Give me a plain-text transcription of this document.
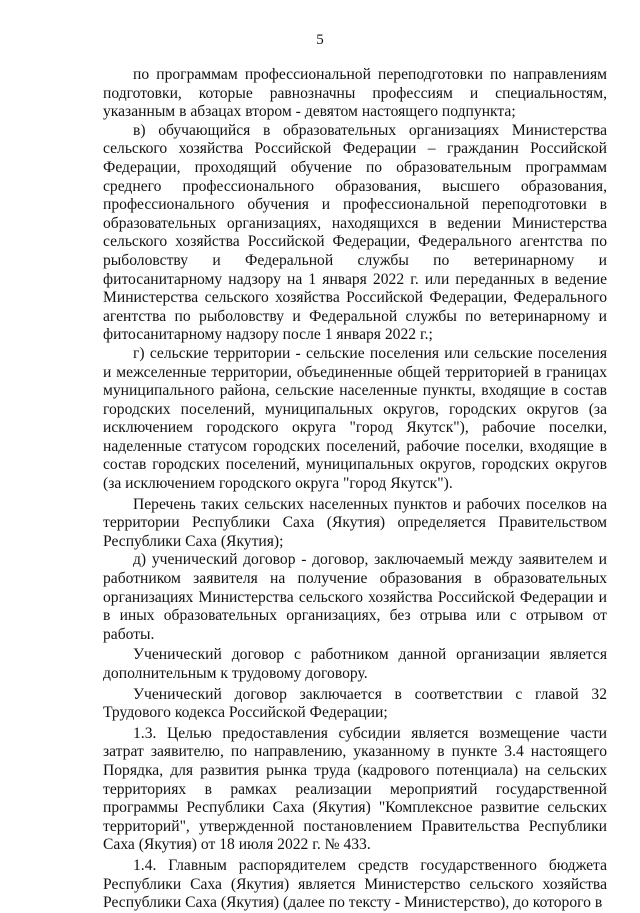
5

по программам профессиональной переподготовки по направлениям подготовки, которые равнозначны профессиям и специальностям, указанным в абзацах втором - девятом настоящего подпункта;

в) обучающийся в образовательных организациях Министерства сельского хозяйства Российской Федерации – гражданин Российской Федерации, проходящий обучение по образовательным программам среднего профессионального образования, высшего образования, профессионального обучения и профессиональной переподготовки в образовательных организациях, находящихся в ведении Министерства сельского хозяйства Российской Федерации, Федерального агентства по рыболовству и Федеральной службы по ветеринарному и фитосанитарному надзору на 1 января 2022 г. или переданных в ведение Министерства сельского хозяйства Российской Федерации, Федерального агентства по рыболовству и Федеральной службы по ветеринарному и фитосанитарному надзору после 1 января 2022 г.;

г) сельские территории - сельские поселения или сельские поселения и межселенные территории, объединенные общей территорией в границах муниципального района, сельские населенные пункты, входящие в состав городских поселений, муниципальных округов, городских округов (за исключением городского округа "город Якутск"), рабочие поселки, наделенные статусом городских поселений, рабочие поселки, входящие в состав городских поселений, муниципальных округов, городских округов (за исключением городского округа "город Якутск").

Перечень таких сельских населенных пунктов и рабочих поселков на территории Республики Саха (Якутия) определяется Правительством Республики Саха (Якутия);

д) ученический договор - договор, заключаемый между заявителем и работником заявителя на получение образования в образовательных организациях Министерства сельского хозяйства Российской Федерации и в иных образовательных организациях, без отрыва или с отрывом от работы.

Ученический договор с работником данной организации является дополнительным к трудовому договору.

Ученический договор заключается в соответствии с главой 32 Трудового кодекса Российской Федерации;

1.3. Целью предоставления субсидии является возмещение части затрат заявителю, по направлению, указанному в пункте 3.4 настоящего Порядка, для развития рынка труда (кадрового потенциала) на сельских территориях в рамках реализации мероприятий государственной программы Республики Саха (Якутия) "Комплексное развитие сельских территорий", утвержденной постановлением Правительства Республики Саха (Якутия) от 18 июля 2022 г. № 433.

1.4. Главным распорядителем средств государственного бюджета Республики Саха (Якутия) является Министерство сельского хозяйства Республики Саха (Якутия) (далее по тексту - Министерство), до которого в
